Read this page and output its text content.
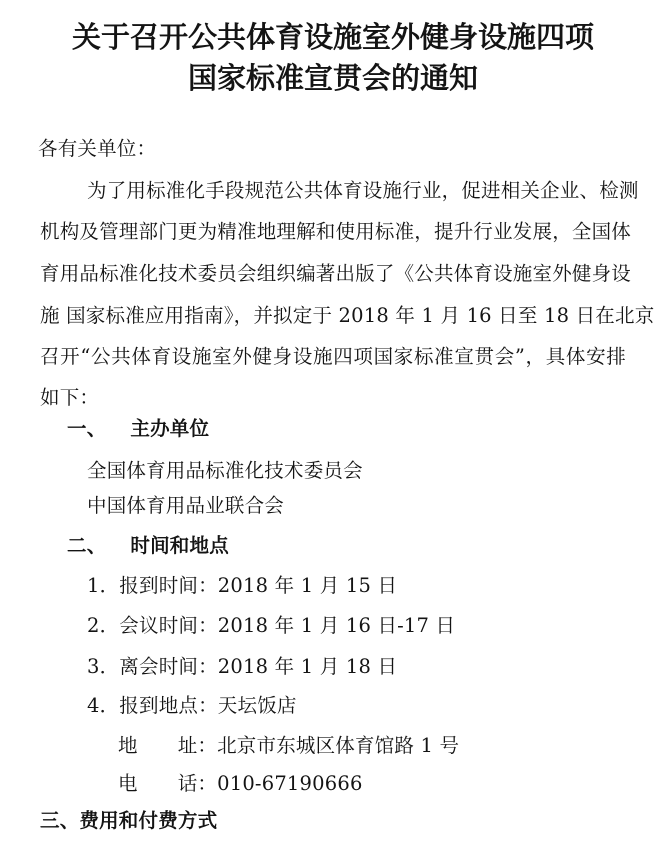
关于召开公共体育设施室外健身设施四项
国家标准宣贯会的通知
各有关单位：
为了用标准化手段规范公共体育设施行业，促进相关企业、检测
机构及管理部门更为精准地理解和使用标准，提升行业发展，全国体
育用品标准化技术委员会组织编著出版了《公共体育设施室外健身设
施 国家标准应用指南》，并拟定于 2018 年 1 月 16 日至 18 日在北京
召开“公共体育设施室外健身设施四项国家标准宣贯会”，具体安排
如下：
一、 主办单位
全国体育用品标准化技术委员会
中国体育用品业联合会
二、 时间和地点
1．报到时间：2018 年 1 月 15 日
2．会议时间：2018 年 1 月 16 日-17 日
3．离会时间：2018 年 1 月 18 日
4．报到地点：天坛饭店
地 址：北京市东城区体育馆路 1 号
电 话：010-67190666
三、费用和付费方式
